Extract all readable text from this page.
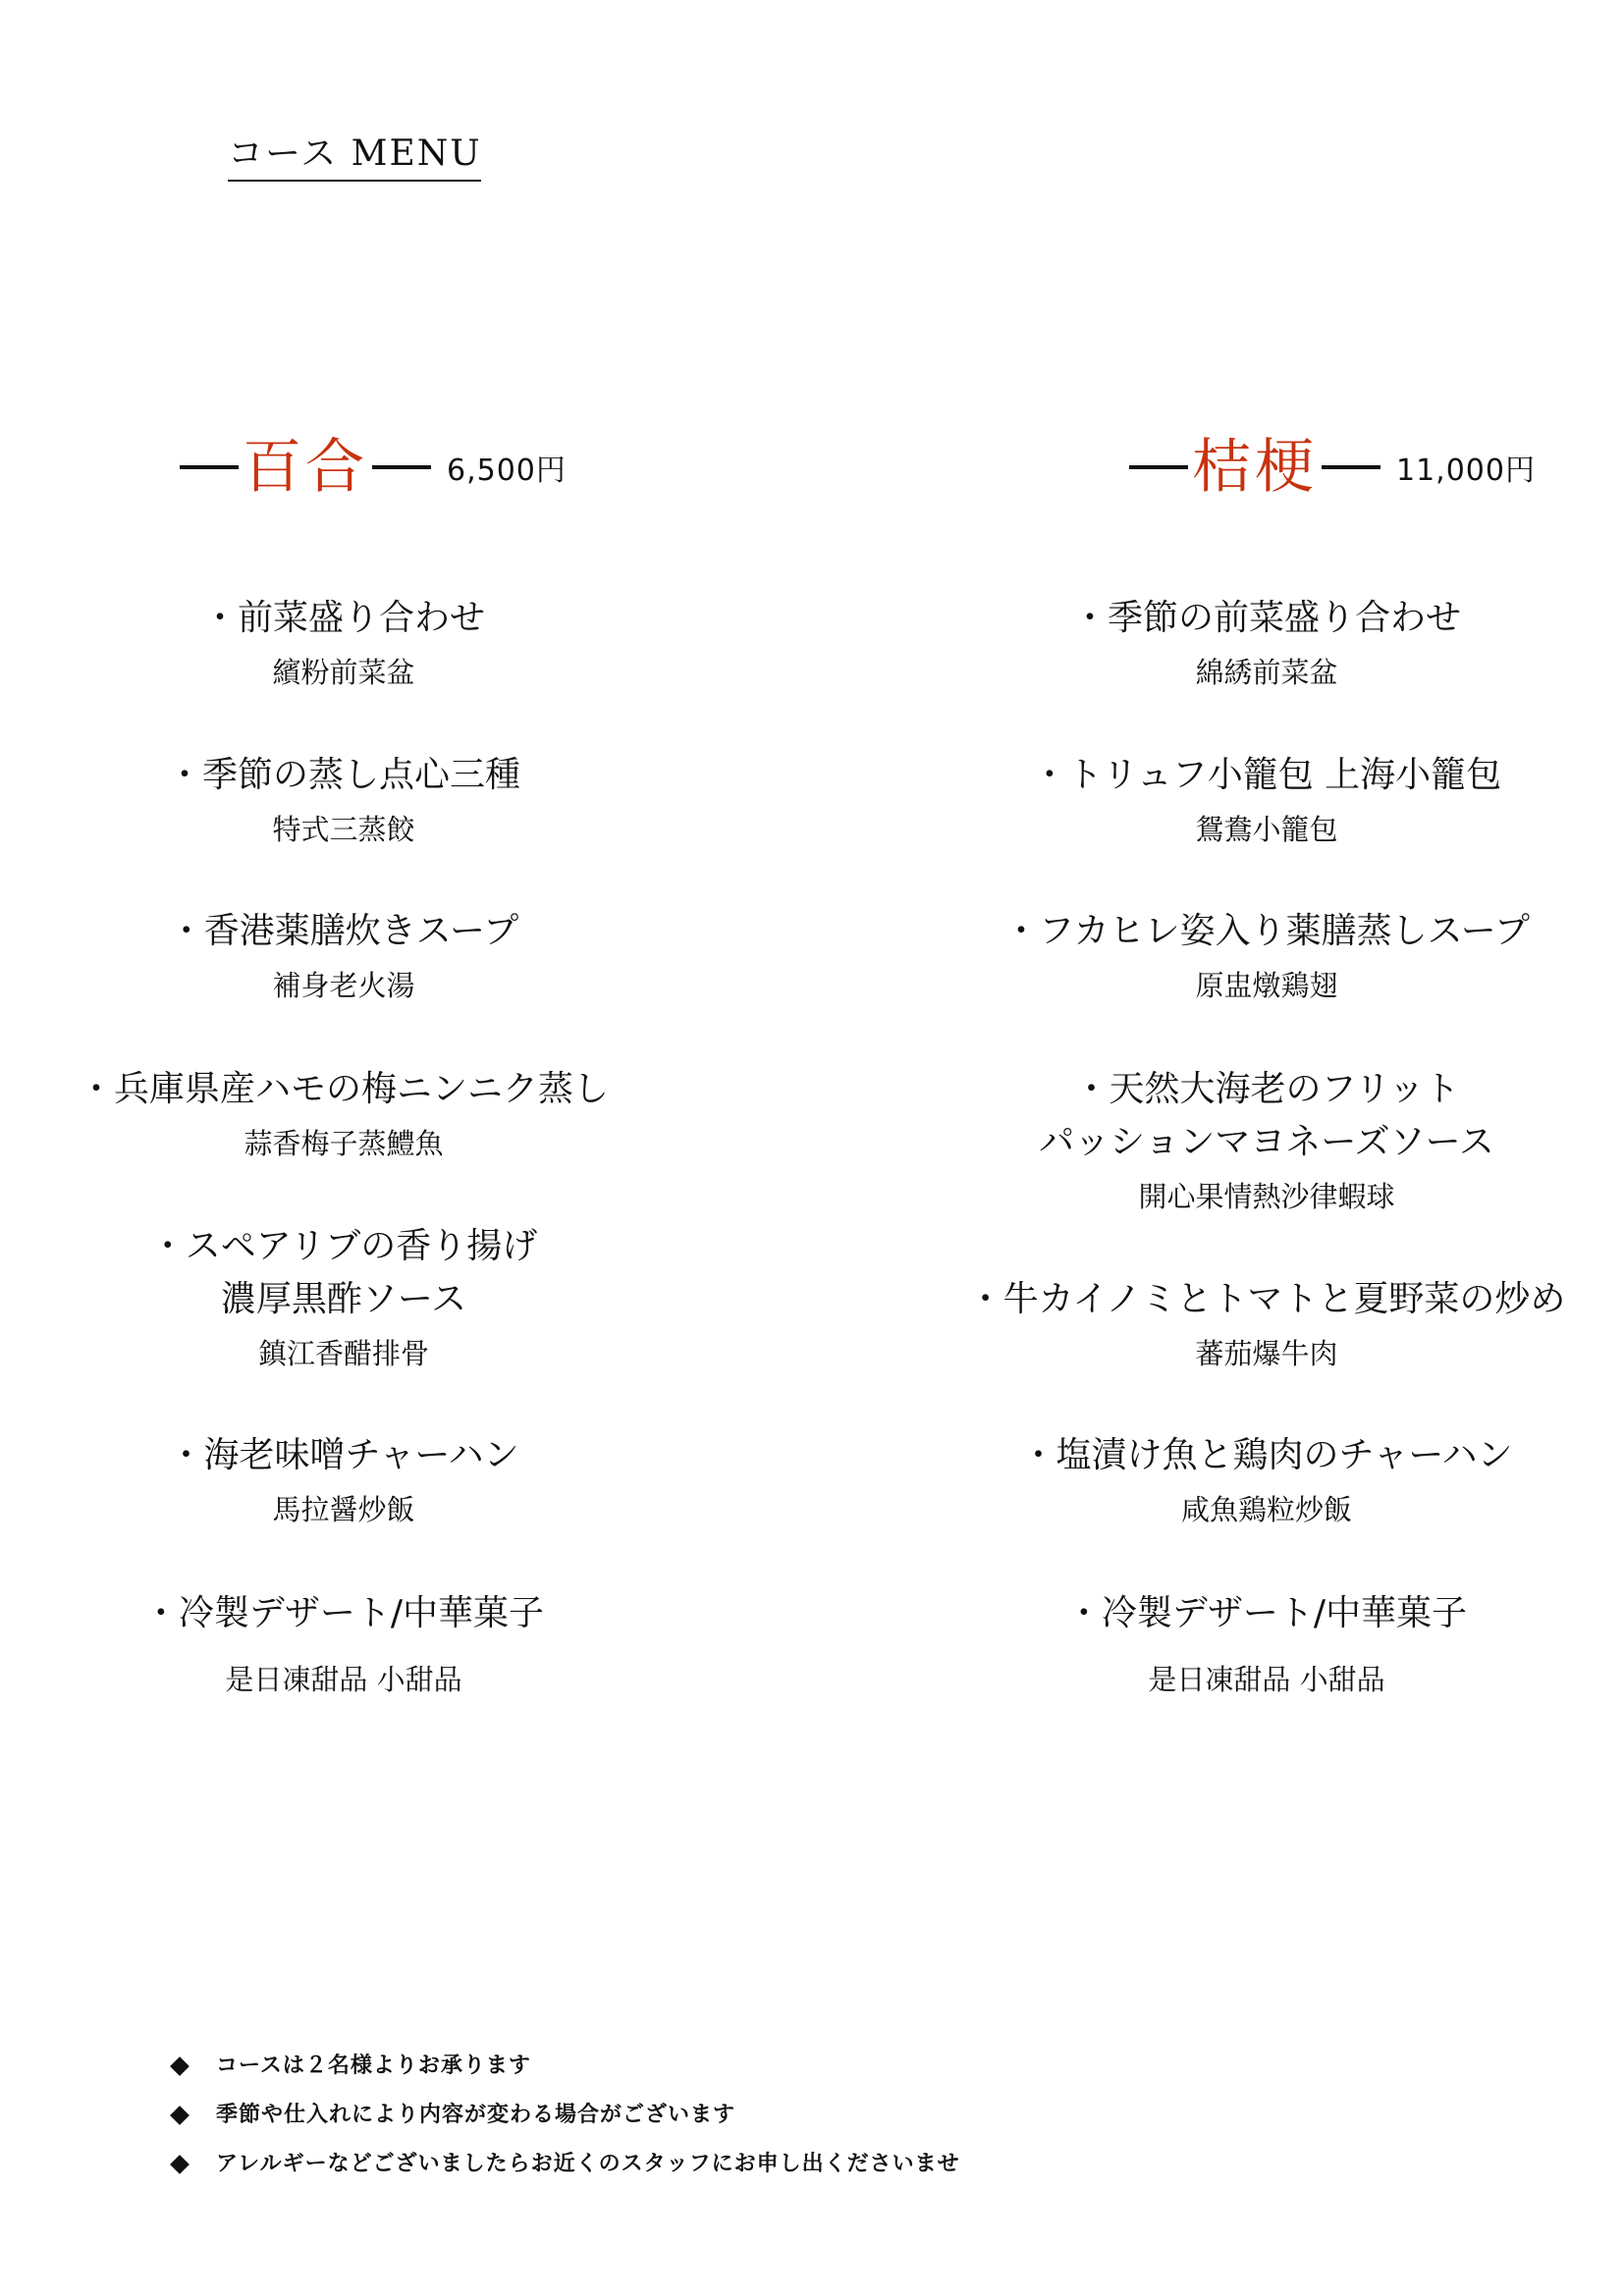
コース MENU
百合	6,500円	桔梗	11,000円
・前菜盛り合わせ
繽粉前菜盆
・季節の蒸し点心三種
特式三蒸餃
・香港薬膳炊きスープ
補身老火湯
・兵庫県産ハモの梅ニンニク蒸し
蒜香梅子蒸鱧魚
・スペアリブの香り揚げ
濃厚黒酢ソース
鎮江香醋排骨
・海老味噌チャーハン
馬拉醤炒飯
・冷製デザート/中華菓子
是日凍甜品 小甜品
・季節の前菜盛り合わせ
綿綉前菜盆
・トリュフ小籠包 上海小籠包
鴛鴦小籠包
・フカヒレ姿入り薬膳蒸しスープ
原盅燉鶏翅
・天然大海老のフリット
パッションマヨネーズソース
開心果情熱沙律蝦球
・牛カイノミとトマトと夏野菜の炒め
蕃茄爆牛肉
・塩漬け魚と鶏肉のチャーハン
咸魚鶏粒炒飯
・冷製デザート/中華菓子
是日凍甜品 小甜品
コースは２名様よりお承ります
季節や仕入れにより内容が変わる場合がございます
アレルギーなどございましたらお近くのスタッフにお申し出くださいませ
